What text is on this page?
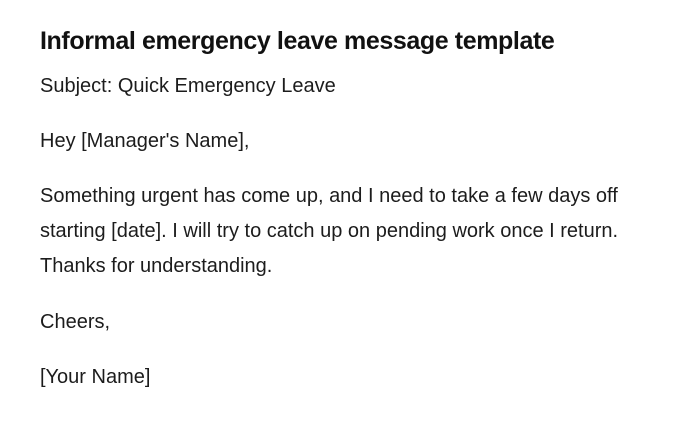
Informal emergency leave message template

Subject: Quick Emergency Leave

Hey [Manager's Name],

Something urgent has come up, and I need to take a few days off starting [date]. I will try to catch up on pending work once I return. Thanks for understanding.

Cheers,

[Your Name]
